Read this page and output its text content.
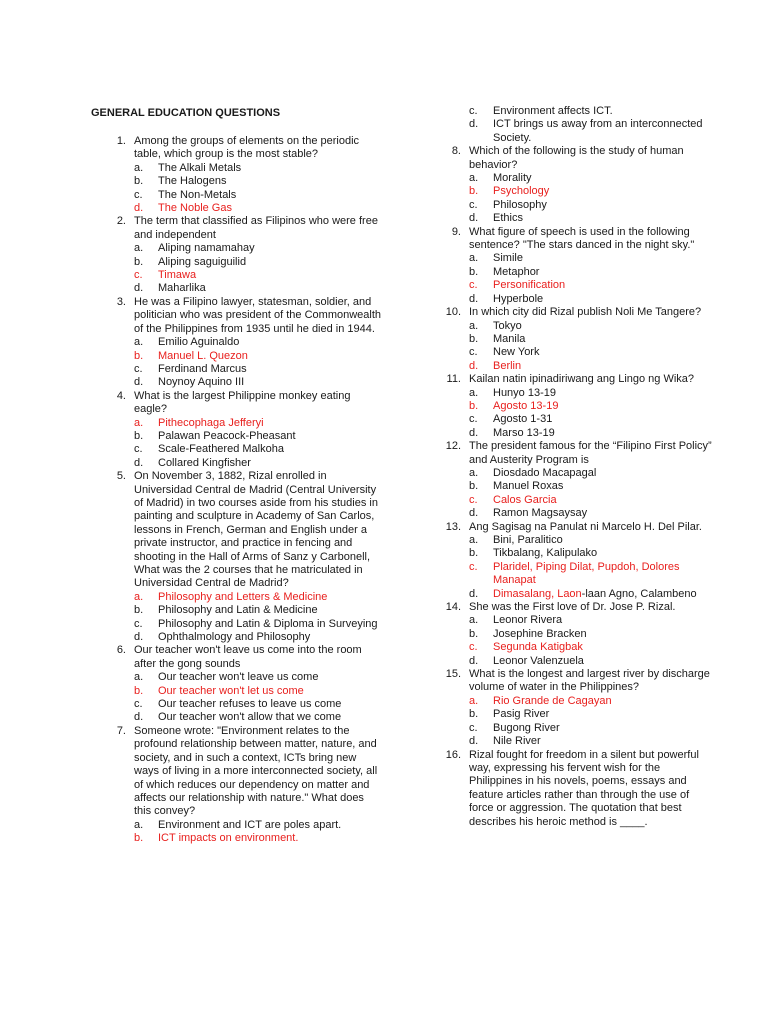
GENERAL EDUCATION QUESTIONS
1. Among the groups of elements on the periodic table, which group is the most stable?
a. The Alkali Metals
b. The Halogens
c. The Non-Metals
d. The Noble Gas
2. The term that classified as Filipinos who were free and independent
a. Aliping namamahay
b. Aliping saguiguilid
c. Timawa
d. Maharlika
3. He was a Filipino lawyer, statesman, soldier, and politician who was president of the Commonwealth of the Philippines from 1935 until he died in 1944.
a. Emilio Aguinaldo
b. Manuel L. Quezon
c. Ferdinand Marcus
d. Noynoy Aquino III
4. What is the largest Philippine monkey eating eagle?
a. Pithecophaga Jefferyi
b. Palawan Peacock-Pheasant
c. Scale-Feathered Malkoha
d. Collared Kingfisher
5. On November 3, 1882, Rizal enrolled in Universidad Central de Madrid (Central University of Madrid) in two courses aside from his studies in painting and sculpture in Academy of San Carlos, lessons in French, German and English under a private instructor, and practice in fencing and shooting in the Hall of Arms of Sanz y Carbonell, What was the 2 courses that he matriculated in Universidad Central de Madrid?
a. Philosophy and Letters & Medicine
b. Philosophy and Latin & Medicine
c. Philosophy and Latin & Diploma in Surveying
d. Ophthalmology and Philosophy
6. Our teacher won't leave us come into the room after the gong sounds
a. Our teacher won't leave us come
b. Our teacher won't let us come
c. Our teacher refuses to leave us come
d. Our teacher won't allow that we come
7. Someone wrote: "Environment relates to the profound relationship between matter, nature, and society, and in such a context, ICTs bring new ways of living in a more interconnected society, all of which reduces our dependency on matter and affects our relationship with nature." What does this convey?
a. Environment and ICT are poles apart.
b. ICT impacts on environment.
c. Environment affects ICT.
d. ICT brings us away from an interconnected Society.
8. Which of the following is the study of human behavior?
a. Morality
b. Psychology
c. Philosophy
d. Ethics
9. What figure of speech is used in the following sentence? "The stars danced in the night sky."
a. Simile
b. Metaphor
c. Personification
d. Hyperbole
10. In which city did Rizal publish Noli Me Tangere?
a. Tokyo
b. Manila
c. New York
d. Berlin
11. Kailan natin ipinadiriwang ang Lingo ng Wika?
a. Hunyo 13-19
b. Agosto 13-19
c. Agosto 1-31
d. Marso 13-19
12. The president famous for the “Filipino First Policy” and Austerity Program is
a. Diosdado Macapagal
b. Manuel Roxas
c. Calos Garcia
d. Ramon Magsaysay
13. Ang Sagisag na Panulat ni Marcelo H. Del Pilar.
a. Bini, Paralitico
b. Tikbalang, Kalipulako
c. Plaridel, Piping Dilat, Pupdoh, Dolores Manapat
d. Dimasalang, Laon-laan Agno, Calambeno
14. She was the First love of Dr. Jose P. Rizal.
a. Leonor Rivera
b. Josephine Bracken
c. Segunda Katigbak
d. Leonor Valenzuela
15. What is the longest and largest river by discharge volume of water in the Philippines?
a. Rio Grande de Cagayan
b. Pasig River
c. Bugong River
d. Nile River
16. Rizal fought for freedom in a silent but powerful way, expressing his fervent wish for the Philippines in his novels, poems, essays and feature articles rather than through the use of force or aggression. The quotation that best describes his heroic method is ____.
